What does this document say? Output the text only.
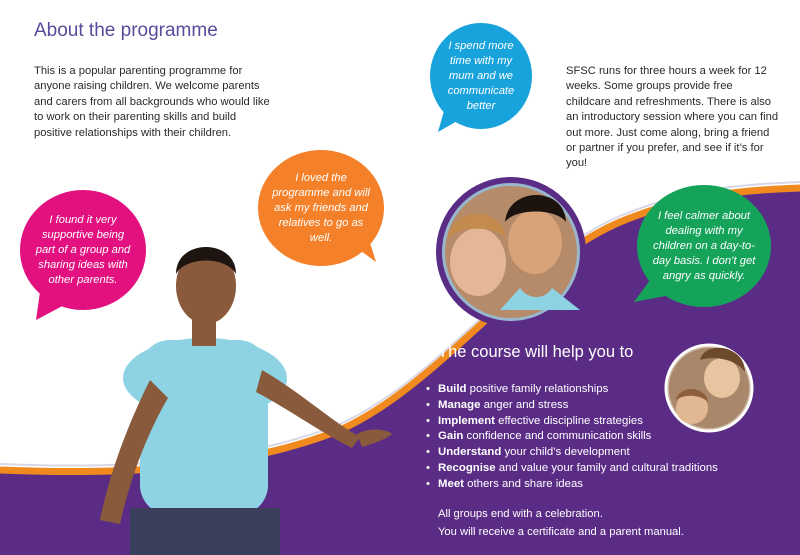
About the programme

This is a popular parenting programme for anyone raising children. We welcome parents and carers from all backgrounds who would like to work on their parenting skills and build positive relationships with their children.

SFSC runs for three hours a week for 12 weeks. Some groups provide free childcare and refreshments. There is also an introductory session where you can find out more. Just come along, bring a friend or partner if you prefer, and see if it’s for you!

I found it very supportive being part of a group and sharing ideas with other parents.
I loved the programme and will ask my friends and relatives to go as well.
I spend more time with my mum and we communicate better
I feel calmer about dealing with my children on a day-to-day basis. I don’t get angry as quickly.
The course will help you to
• Build positive family relationships
• Manage anger and stress
• Implement effective discipline strategies
• Gain confidence and communication skills
• Understand your child’s development
• Recognise and value your family and cultural traditions
• Meet others and share ideas

All groups end with a celebration.
You will receive a certificate and a parent manual.
